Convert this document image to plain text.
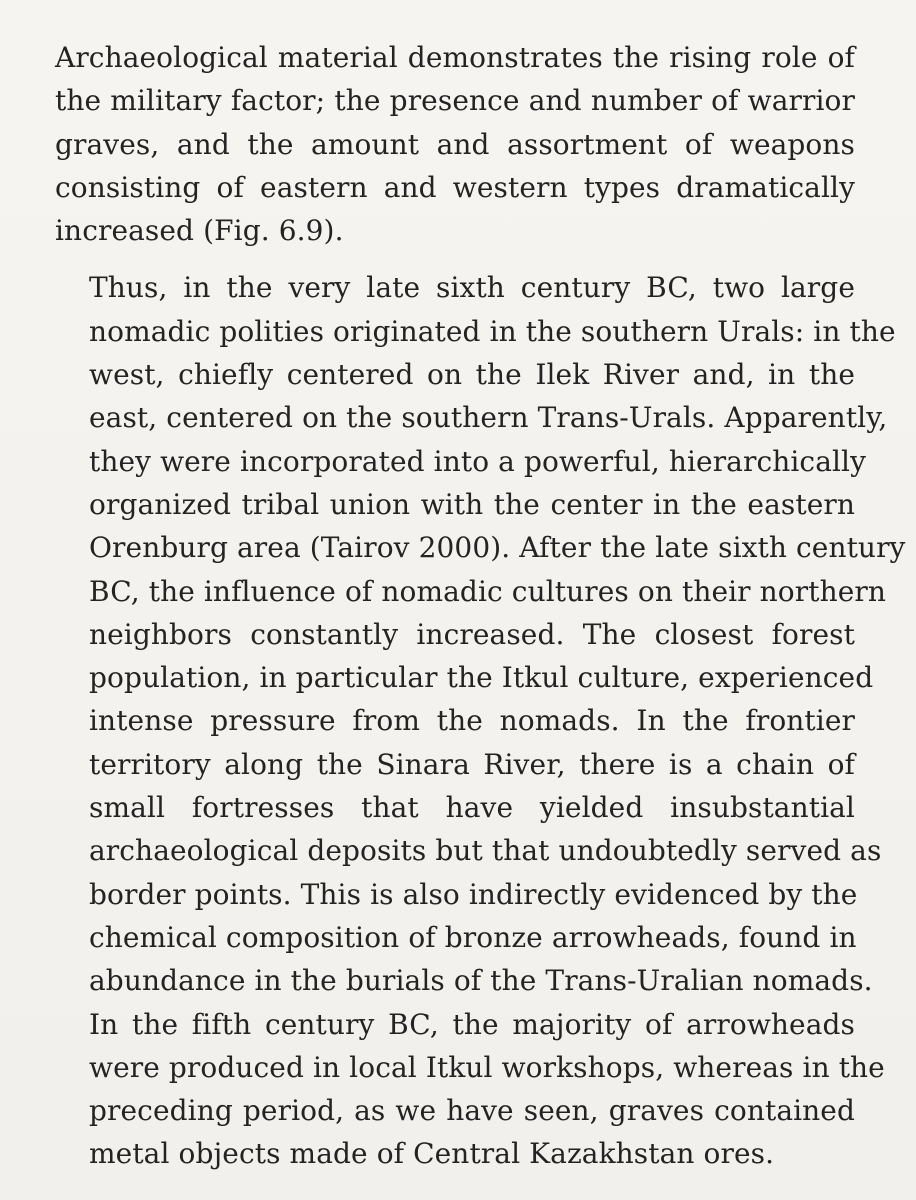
Archaeological material demonstrates the rising role of
the military factor; the presence and number of warrior
graves, and the amount and assortment of weapons
consisting of eastern and western types dramatically
increased (Fig. 6.9).

Thus, in the very late sixth century BC, two large
nomadic polities originated in the southern Urals: in the
west, chiefly centered on the Ilek River and, in the
east, centered on the southern Trans-Urals. Apparently,
they were incorporated into a powerful, hierarchically
organized tribal union with the center in the eastern
Orenburg area (Tairov 2000). After the late sixth century
BC, the influence of nomadic cultures on their northern
neighbors constantly increased. The closest forest
population, in particular the Itkul culture, experienced
intense pressure from the nomads. In the frontier
territory along the Sinara River, there is a chain of
small fortresses that have yielded insubstantial
archaeological deposits but that undoubtedly served as
border points. This is also indirectly evidenced by the
chemical composition of bronze arrowheads, found in
abundance in the burials of the Trans-Uralian nomads.
In the fifth century BC, the majority of arrowheads
were produced in local Itkul workshops, whereas in the
preceding period, as we have seen, graves contained
metal objects made of Central Kazakhstan ores.
